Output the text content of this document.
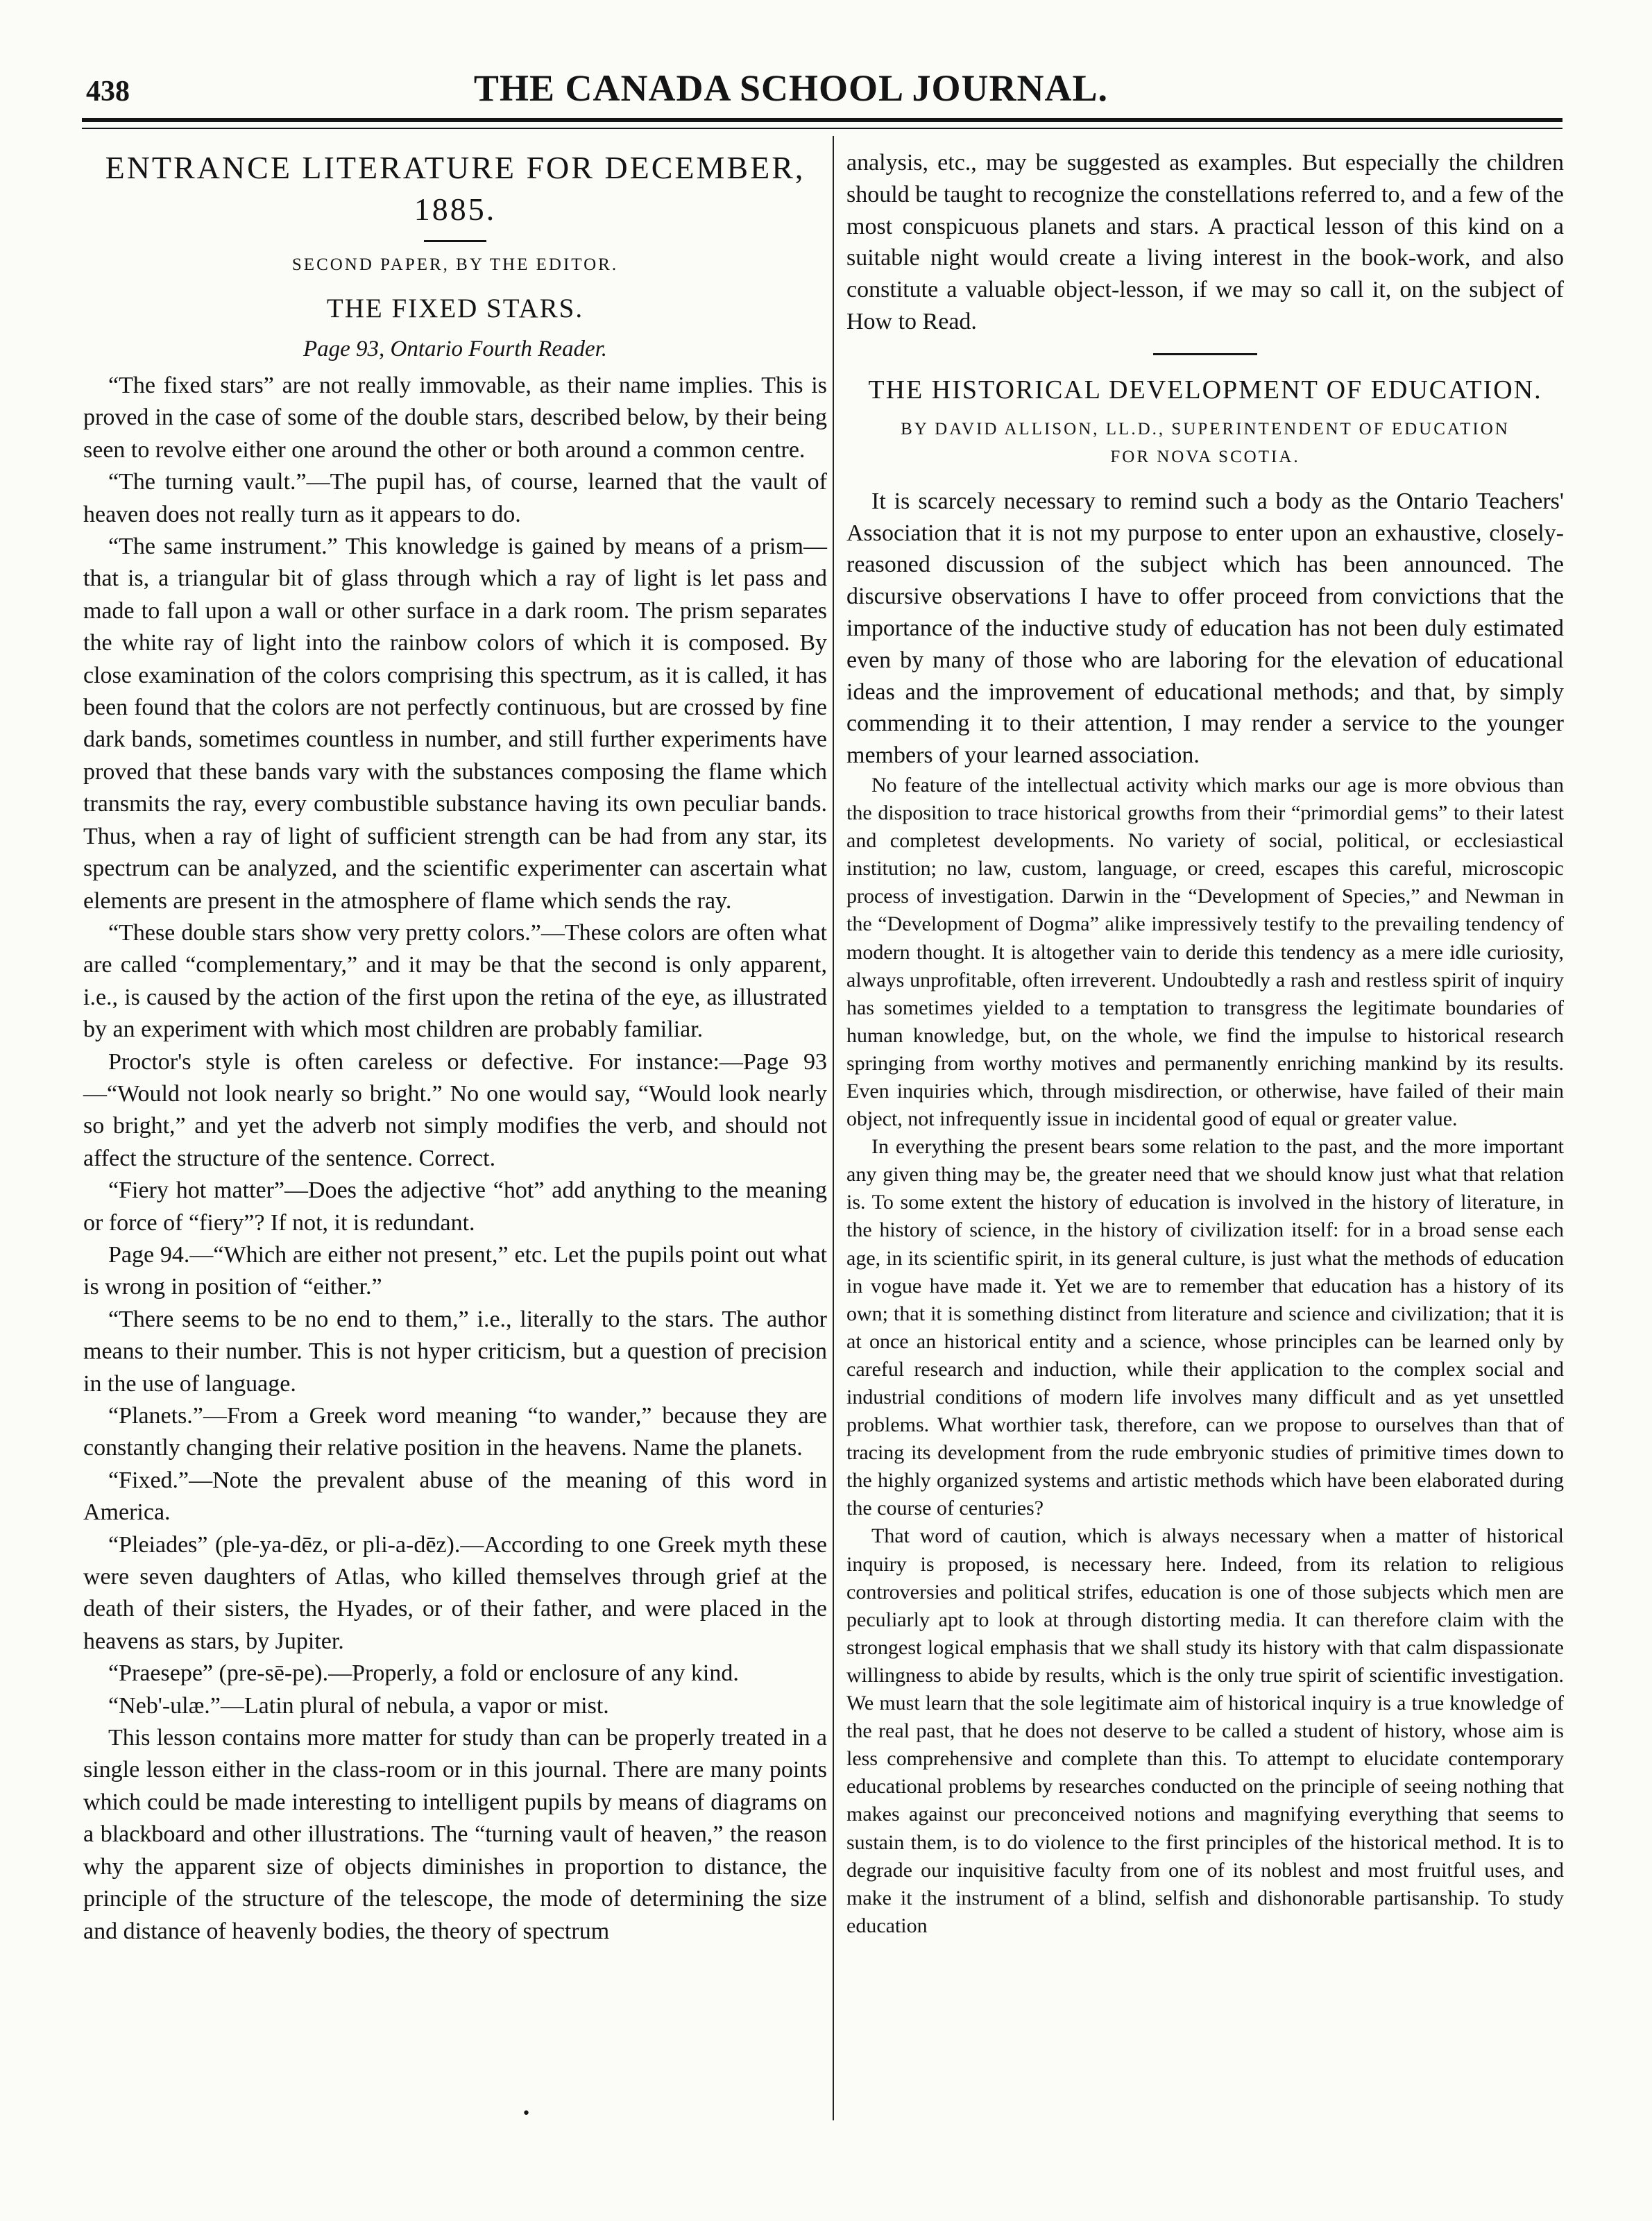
438	THE CANADA SCHOOL JOURNAL.
ENTRANCE LITERATURE FOR DECEMBER, 1885.
SECOND PAPER, BY THE EDITOR.
THE FIXED STARS.
Page 93, Ontario Fourth Reader.

“The fixed stars” are not really immovable, as their name implies. This is proved in the case of some of the double stars, described below, by their being seen to revolve either one around the other or both around a common centre.

“The turning vault.”—The pupil has, of course, learned that the vault of heaven does not really turn as it appears to do.

“The same instrument.” This knowledge is gained by means of a prism—that is, a triangular bit of glass through which a ray of light is let pass and made to fall upon a wall or other surface in a dark room. The prism separates the white ray of light into the rainbow colors of which it is composed. By close examination of the colors comprising this spectrum, as it is called, it has been found that the colors are not perfectly continuous, but are crossed by fine dark bands, sometimes countless in number, and still further experiments have proved that these bands vary with the substances composing the flame which transmits the ray, every combustible substance having its own peculiar bands. Thus, when a ray of light of sufficient strength can be had from any star, its spectrum can be analyzed, and the scientific experimenter can ascertain what elements are present in the atmosphere of flame which sends the ray.

“These double stars show very pretty colors.”—These colors are often what are called “complementary,” and it may be that the second is only apparent, i.e., is caused by the action of the first upon the retina of the eye, as illustrated by an experiment with which most children are probably familiar.

Proctor's style is often careless or defective. For instance:—Page 93—“Would not look nearly so bright.” No one would say, “Would look nearly so bright,” and yet the adverb not simply modifies the verb, and should not affect the structure of the sentence. Correct.

“Fiery hot matter”—Does the adjective “hot” add anything to the meaning or force of “fiery”? If not, it is redundant.

Page 94.—“Which are either not present,” etc. Let the pupils point out what is wrong in position of “either.”

“There seems to be no end to them,” i.e., literally to the stars. The author means to their number. This is not hyper criticism, but a question of precision in the use of language.

“Planets.”—From a Greek word meaning “to wander,” because they are constantly changing their relative position in the heavens. Name the planets.

“Fixed.”—Note the prevalent abuse of the meaning of this word in America.

“Pleiades” (ple-ya-dēz, or pli-a-dēz).—According to one Greek myth these were seven daughters of Atlas, who killed themselves through grief at the death of their sisters, the Hyades, or of their father, and were placed in the heavens as stars, by Jupiter.

“Praesepe” (pre-sē-pe).—Properly, a fold or enclosure of any kind.

“Neb'-ulæ.”—Latin plural of nebula, a vapor or mist.

This lesson contains more matter for study than can be properly treated in a single lesson either in the class-room or in this journal. There are many points which could be made interesting to intelligent pupils by means of diagrams on a blackboard and other illustrations. The “turning vault of heaven,” the reason why the apparent size of objects diminishes in proportion to distance, the principle of the structure of the telescope, the mode of determining the size and distance of heavenly bodies, the theory of spectrum

analysis, etc., may be suggested as examples. But especially the children should be taught to recognize the constellations referred to, and a few of the most conspicuous planets and stars. A practical lesson of this kind on a suitable night would create a living interest in the book-work, and also constitute a valuable object-lesson, if we may so call it, on the subject of How to Read.

THE HISTORICAL DEVELOPMENT OF EDUCATION.
BY DAVID ALLISON, LL.D., SUPERINTENDENT OF EDUCATION
FOR NOVA SCOTIA.

It is scarcely necessary to remind such a body as the Ontario Teachers' Association that it is not my purpose to enter upon an exhaustive, closely-reasoned discussion of the subject which has been announced. The discursive observations I have to offer proceed from convictions that the importance of the inductive study of education has not been duly estimated even by many of those who are laboring for the elevation of educational ideas and the improvement of educational methods; and that, by simply commending it to their attention, I may render a service to the younger members of your learned association.

No feature of the intellectual activity which marks our age is more obvious than the disposition to trace historical growths from their “primordial gems” to their latest and completest developments. No variety of social, political, or ecclesiastical institution; no law, custom, language, or creed, escapes this careful, microscopic process of investigation. Darwin in the “Development of Species,” and Newman in the “Development of Dogma” alike impressively testify to the prevailing tendency of modern thought. It is altogether vain to deride this tendency as a mere idle curiosity, always unprofitable, often irreverent. Undoubtedly a rash and restless spirit of inquiry has sometimes yielded to a temptation to transgress the legitimate boundaries of human knowledge, but, on the whole, we find the impulse to historical research springing from worthy motives and permanently enriching mankind by its results. Even inquiries which, through misdirection, or otherwise, have failed of their main object, not infrequently issue in incidental good of equal or greater value.

In everything the present bears some relation to the past, and the more important any given thing may be, the greater need that we should know just what that relation is. To some extent the history of education is involved in the history of literature, in the history of science, in the history of civilization itself: for in a broad sense each age, in its scientific spirit, in its general culture, is just what the methods of education in vogue have made it. Yet we are to remember that education has a history of its own; that it is something distinct from literature and science and civilization; that it is at once an historical entity and a science, whose principles can be learned only by careful research and induction, while their application to the complex social and industrial conditions of modern life involves many difficult and as yet unsettled problems. What worthier task, therefore, can we propose to ourselves than that of tracing its development from the rude embryonic studies of primitive times down to the highly organized systems and artistic methods which have been elaborated during the course of centuries?

That word of caution, which is always necessary when a matter of historical inquiry is proposed, is necessary here. Indeed, from its relation to religious controversies and political strifes, education is one of those subjects which men are peculiarly apt to look at through distorting media. It can therefore claim with the strongest logical emphasis that we shall study its history with that calm dispassionate willingness to abide by results, which is the only true spirit of scientific investigation. We must learn that the sole legitimate aim of historical inquiry is a true knowledge of the real past, that he does not deserve to be called a student of history, whose aim is less comprehensive and complete than this. To attempt to elucidate contemporary educational problems by researches conducted on the principle of seeing nothing that makes against our preconceived notions and magnifying everything that seems to sustain them, is to do violence to the first principles of the historical method. It is to degrade our inquisitive faculty from one of its noblest and most fruitful uses, and make it the instrument of a blind, selfish and dishonorable partisanship. To study education

•
